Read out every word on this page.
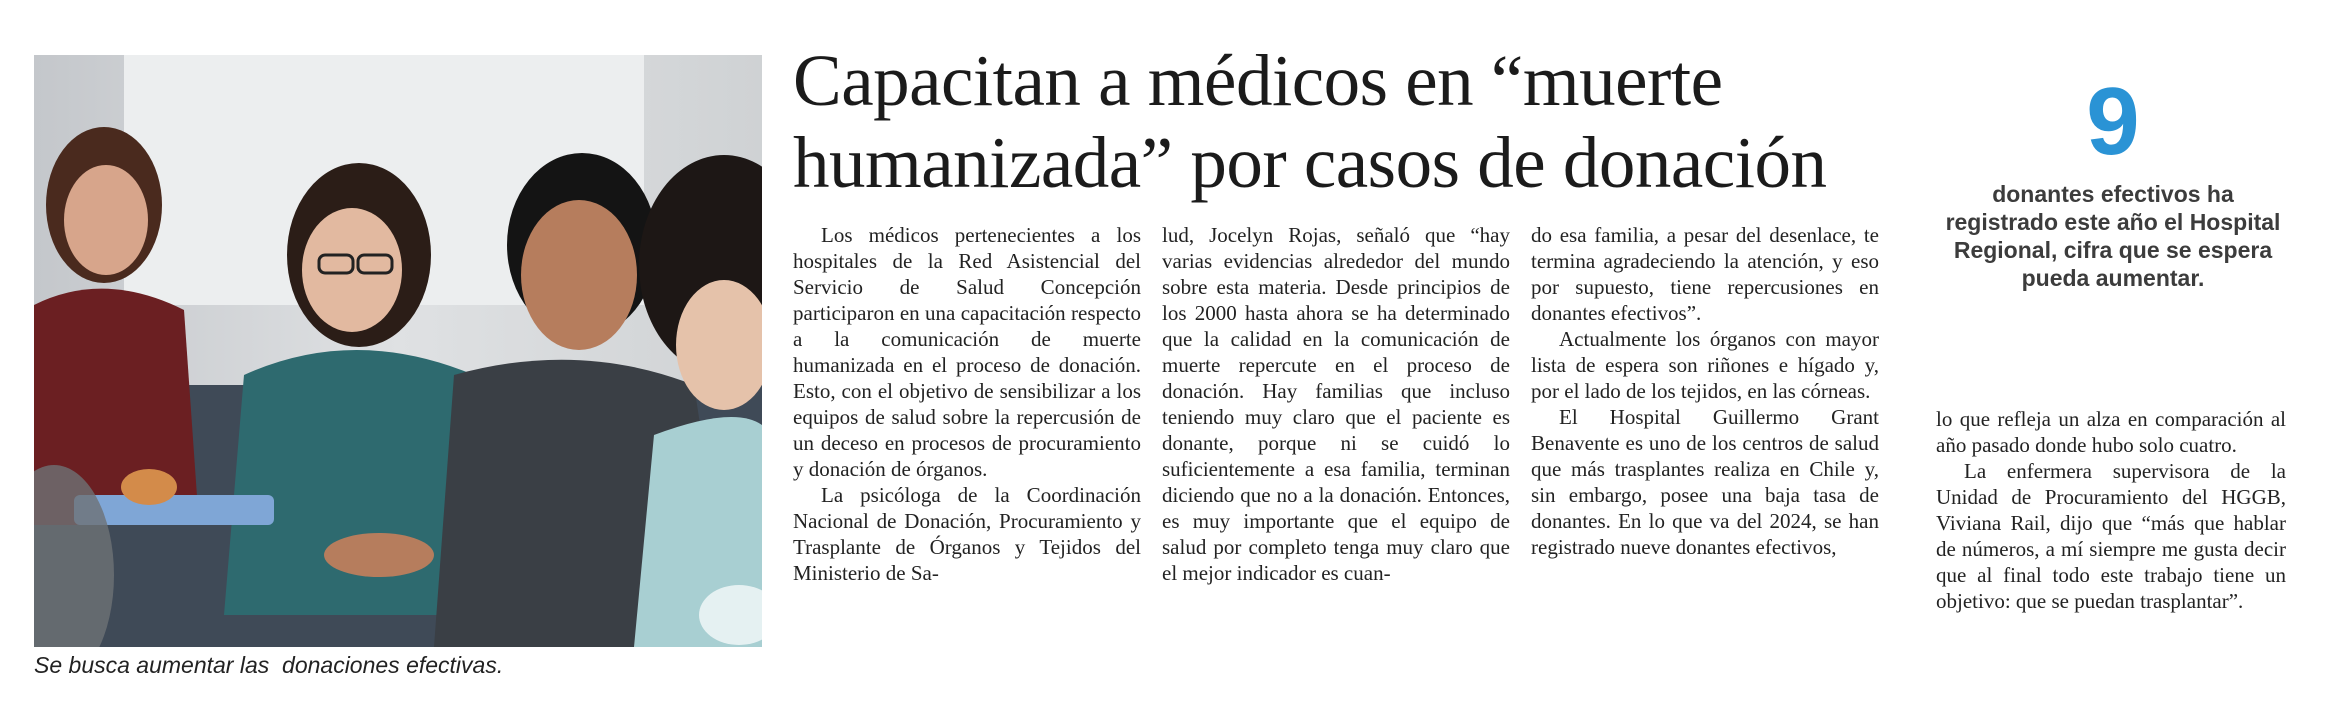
Se busca aumentar las  donaciones efectivas.
Capacitan a médicos en “muerte humanizada” por casos de donación

Los médicos pertenecientes a los hospitales de la Red Asistencial del Servicio de Salud Concepción participaron en una capacitación respecto a la comunicación de muerte humanizada en el proceso de donación. Esto, con el objetivo de sensibilizar a los equipos de salud sobre la repercusión de un deceso en procesos de procuramiento y donación de órganos.

La psicóloga de la Coordinación Nacional de Donación, Procuramiento y Trasplante de Órganos y Tejidos del Ministerio de Sa-

lud, Jocelyn Rojas, señaló que “hay varias evidencias alrededor del mundo sobre esta materia. Desde principios de los 2000 hasta ahora se ha determinado que la calidad en la comunicación de muerte repercute en el proceso de donación. Hay familias que incluso teniendo muy claro que el paciente es donante, porque ni se cuidó lo suficientemente a esa familia, terminan diciendo que no a la donación. Entonces, es muy importante que el equipo de salud por completo tenga muy claro que el mejor indicador es cuan-

do esa familia, a pesar del desenlace, te termina agradeciendo la atención, y eso por supuesto, tiene repercusiones en donantes efectivos”.

Actualmente los órganos con mayor lista de espera son riñones e hígado y, por el lado de los tejidos, en las córneas.

El Hospital Guillermo Grant Benavente es uno de los centros de salud que más trasplantes realiza en Chile y, sin embargo, posee una baja tasa de donantes. En lo que va del 2024, se han registrado nueve donantes efectivos,

9
donantes efectivos ha registrado este año el Hospital Regional, cifra que se espera pueda aumentar.

lo que refleja un alza en comparación al año pasado donde hubo solo cuatro.

La enfermera supervisora de la Unidad de Procuramiento del HGGB, Viviana Rail, dijo que “más que hablar de números, a mí siempre me gusta decir que al final todo este trabajo tiene un objetivo: que se puedan trasplantar”.
